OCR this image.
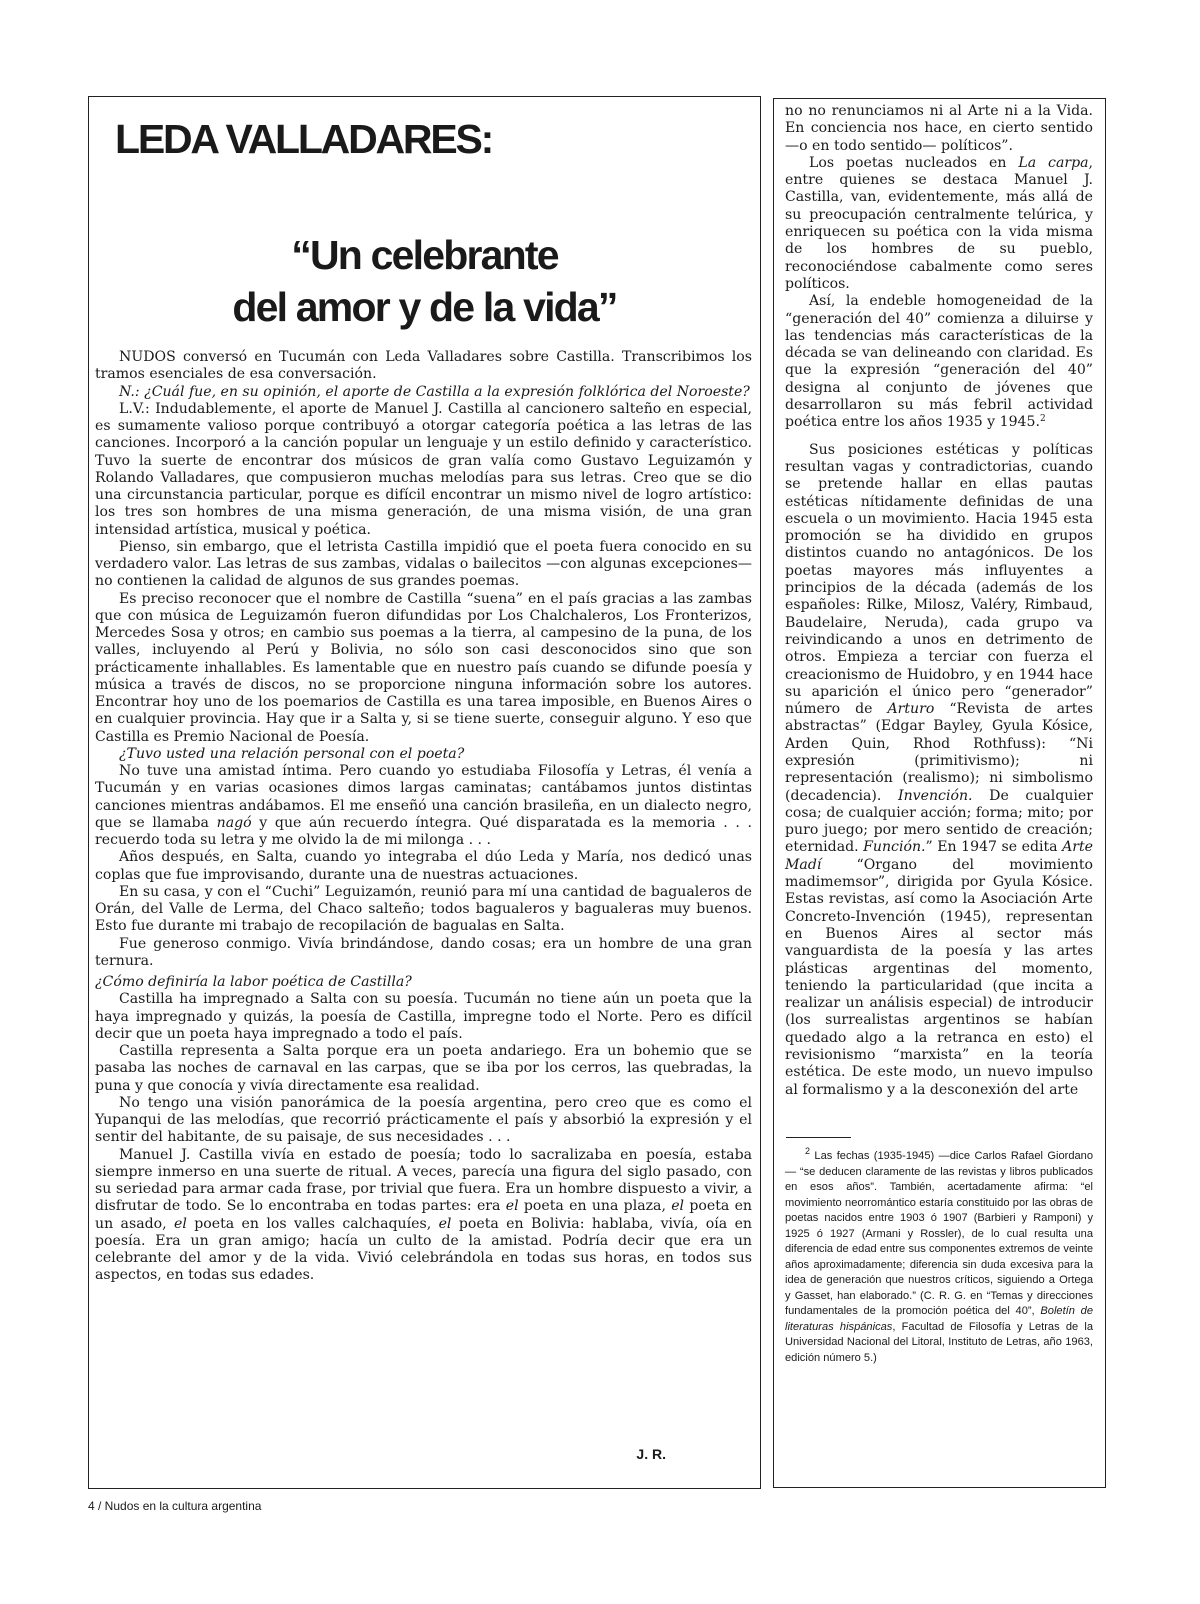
LEDA VALLADARES:
“Un celebrante
del amor y de la vida”

NUDOS conversó en Tucumán con Leda Valladares sobre Castilla. Transcribimos los tramos esenciales de esa conversación.

N.: ¿Cuál fue, en su opinión, el aporte de Castilla a la expresión folklórica del Noroeste?

L.V.: Indudablemente, el aporte de Manuel J. Castilla al cancionero salteño en especial, es sumamente valioso porque contribuyó a otorgar categoría poética a las letras de las canciones. Incorporó a la canción popular un lenguaje y un estilo definido y característico. Tuvo la suerte de encontrar dos músicos de gran valía como Gustavo Leguizamón y Rolando Valladares, que compusieron muchas melodías para sus letras. Creo que se dio una circunstancia particular, porque es difícil encontrar un mismo nivel de logro artístico: los tres son hombres de una misma generación, de una misma visión, de una gran intensidad artística, musical y poética.

Pienso, sin embargo, que el letrista Castilla impidió que el poeta fuera conocido en su verdadero valor. Las letras de sus zambas, vidalas o bailecitos —con algunas excepciones— no contienen la calidad de algunos de sus grandes poemas.

Es preciso reconocer que el nombre de Castilla “suena” en el país gracias a las zambas que con música de Leguizamón fueron difundidas por Los Chalchaleros, Los Fronterizos, Mercedes Sosa y otros; en cambio sus poemas a la tierra, al campesino de la puna, de los valles, incluyendo al Perú y Bolivia, no sólo son casi desconocidos sino que son prácticamente inhallables. Es lamentable que en nuestro país cuando se difunde poesía y música a través de discos, no se proporcione ninguna información sobre los autores. Encontrar hoy uno de los poemarios de Castilla es una tarea imposible, en Buenos Aires o en cualquier provincia. Hay que ir a Salta y, si se tiene suerte, conseguir alguno. Y eso que Castilla es Premio Nacional de Poesía.

¿Tuvo usted una relación personal con el poeta?

No tuve una amistad íntima. Pero cuando yo estudiaba Filosofía y Letras, él venía a Tucumán y en varias ocasiones dimos largas caminatas; cantábamos juntos distintas canciones mientras andábamos. El me enseñó una canción brasileña, en un dialecto negro, que se llamaba nagó y que aún recuerdo íntegra. Qué disparatada es la memoria . . . recuerdo toda su letra y me olvido la de mi milonga . . .

Años después, en Salta, cuando yo integraba el dúo Leda y María, nos dedicó unas coplas que fue improvisando, durante una de nuestras actuaciones.

En su casa, y con el “Cuchi” Leguizamón, reunió para mí una cantidad de bagualeros de Orán, del Valle de Lerma, del Chaco salteño; todos bagualeros y bagualeras muy buenos. Esto fue durante mi trabajo de recopilación de bagualas en Salta.

Fue generoso conmigo. Vivía brindándose, dando cosas; era un hombre de una gran ternura.

¿Cómo definiría la labor poética de Castilla?

Castilla ha impregnado a Salta con su poesía. Tucumán no tiene aún un poeta que la haya impregnado y quizás, la poesía de Castilla, impregne todo el Norte. Pero es difícil decir que un poeta haya impregnado a todo el país.

Castilla representa a Salta porque era un poeta andariego. Era un bohemio que se pasaba las noches de carnaval en las carpas, que se iba por los cerros, las quebradas, la puna y que conocía y vivía directamente esa realidad.

No tengo una visión panorámica de la poesía argentina, pero creo que es como el Yupanqui de las melodías, que recorrió prácticamente el país y absorbió la expresión y el sentir del habitante, de su paisaje, de sus necesidades . . .

Manuel J. Castilla vivía en estado de poesía; todo lo sacralizaba en poesía, estaba siempre inmerso en una suerte de ritual. A veces, parecía una figura del siglo pasado, con su seriedad para armar cada frase, por trivial que fuera. Era un hombre dispuesto a vivir, a disfrutar de todo. Se lo encontraba en todas partes: era el poeta en una plaza, el poeta en un asado, el poeta en los valles calchaquíes, el poeta en Bolivia: hablaba, vivía, oía en poesía. Era un gran amigo; hacía un culto de la amistad. Podría decir que era un celebrante del amor y de la vida. Vivió celebrándola en todas sus horas, en todos sus aspectos, en todas sus edades.

J. R.

no no renunciamos ni al Arte ni a la Vida. En conciencia nos hace, en cierto sentido —o en todo sentido— políticos”.

Los poetas nucleados en La carpa, entre quienes se destaca Manuel J. Castilla, van, evidentemente, más allá de su preocupación centralmente telúrica, y enriquecen su poética con la vida misma de los hombres de su pueblo, reconociéndose cabalmente como seres políticos.

Así, la endeble homogeneidad de la “generación del 40” comienza a diluirse y las tendencias más características de la década se van delineando con claridad. Es que la expresión “generación del 40” designa al conjunto de jóvenes que desarrollaron su más febril actividad poética entre los años 1935 y 1945.$^2$

Sus posiciones estéticas y políticas resultan vagas y contradictorias, cuando se pretende hallar en ellas pautas estéticas nítidamente definidas de una escuela o un movimiento. Hacia 1945 esta promoción se ha dividido en grupos distintos cuando no antagónicos. De los poetas mayores más influyentes a principios de la década (además de los españoles: Rilke, Milosz, Valéry, Rimbaud, Baudelaire, Neruda), cada grupo va reivindicando a unos en detrimento de otros. Empieza a terciar con fuerza el creacionismo de Huidobro, y en 1944 hace su aparición el único pero “generador” número de Arturo “Revista de artes abstractas” (Edgar Bayley, Gyula Kósice, Arden Quin, Rhod Rothfuss): “Ni expresión (primitivismo); ni representación (realismo); ni simbolismo (decadencia). Invención. De cualquier cosa; de cualquier acción; forma; mito; por puro juego; por mero sentido de creación; eternidad. Función.” En 1947 se edita Arte Madí “Organo del movimiento madimemsor”, dirigida por Gyula Kósice. Estas revistas, así como la Asociación Arte Concreto-Invención (1945), representan en Buenos Aires al sector más vanguardista de la poesía y las artes plásticas argentinas del momento, teniendo la particularidad (que incita a realizar un análisis especial) de introducir (los surrealistas argentinos se habían quedado algo a la retranca en esto) el revisionismo “marxista” en la teoría estética. De este modo, un nuevo impulso al formalismo y a la desconexión del arte

$^2$ Las fechas (1935-1945) —dice Carlos Rafael Giordano— “se deducen claramente de las revistas y libros publicados en esos años”. También, acertadamente afirma: “el movimiento neorromántico estaría constituido por las obras de poetas nacidos entre 1903 ó 1907 (Barbieri y Ramponi) y 1925 ó 1927 (Armani y Rossler), de lo cual resulta una diferencia de edad entre sus componentes extremos de veinte años aproximadamente; diferencia sin duda excesiva para la idea de generación que nuestros críticos, siguiendo a Ortega y Gasset, han elaborado.” (C. R. G. en “Temas y direcciones fundamentales de la promoción poética del 40”, Boletín de literaturas hispánicas, Facultad de Filosofía y Letras de la Universidad Nacional del Litoral, Instituto de Letras, año 1963, edición número 5.)

4 / Nudos en la cultura argentina
